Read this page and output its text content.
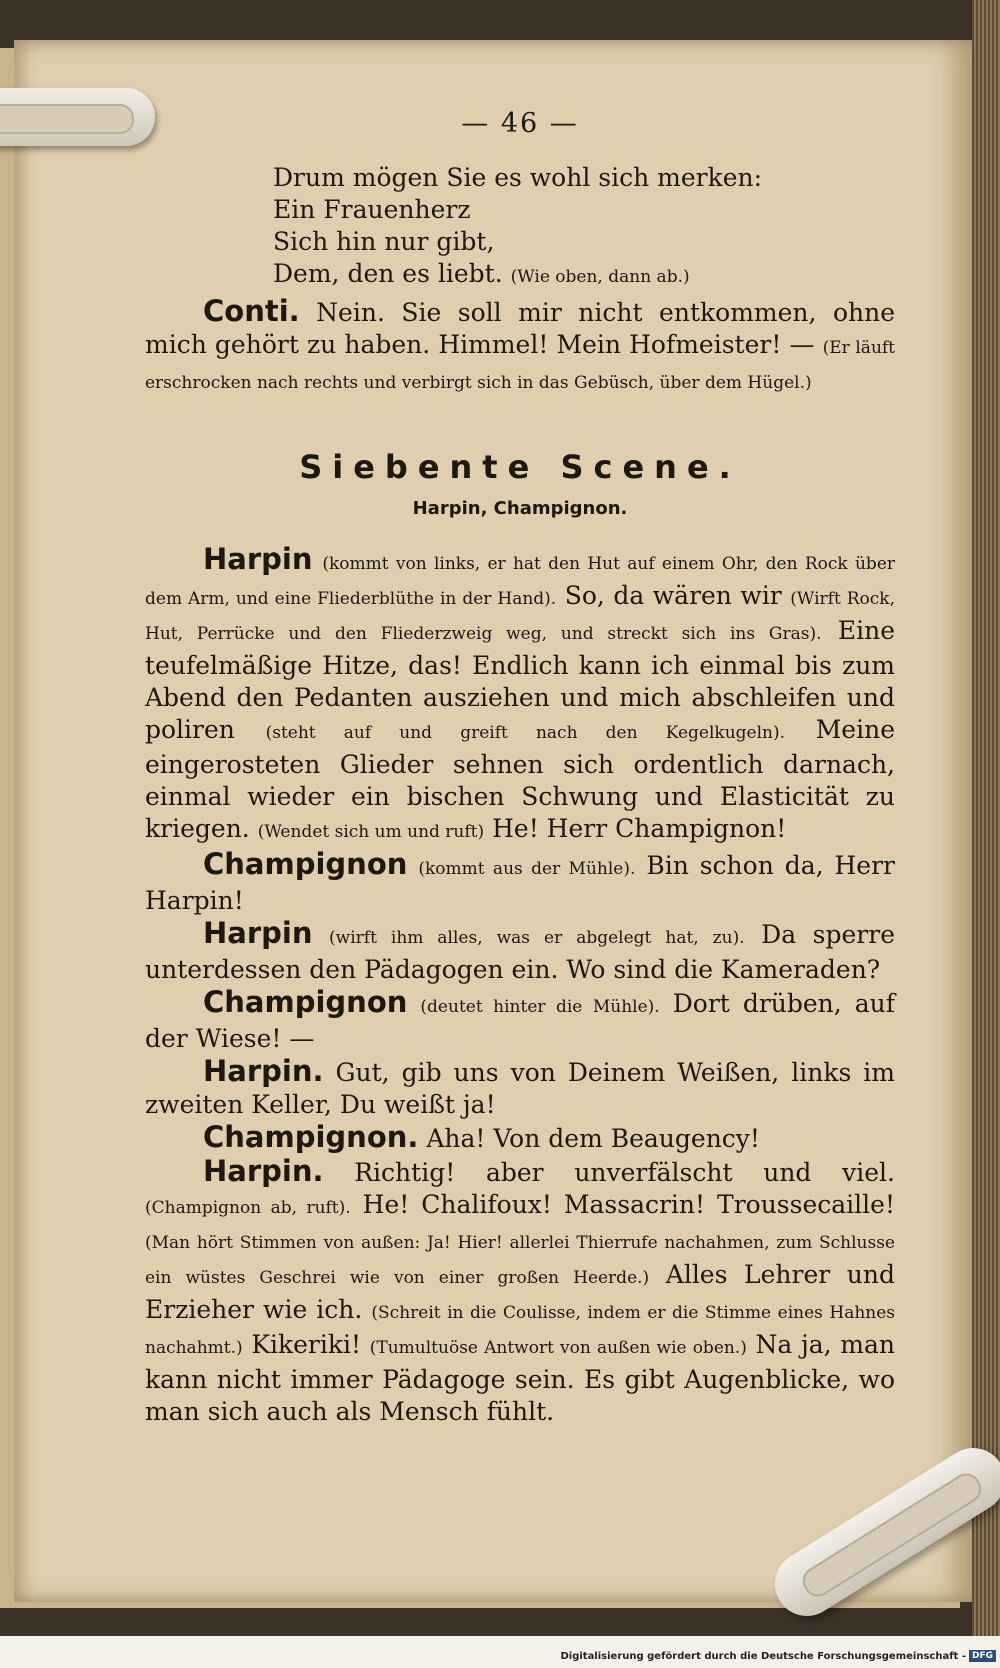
— 46 —
Drum mögen Sie es wohl sich merken:
Ein Frauenherz
Sich hin nur gibt,
Dem, den es liebt. (Wie oben, dann ab.)

Conti. Nein. Sie soll mir nicht entkommen, ohne mich gehört zu haben. Himmel! Mein Hofmeister! — (Er läuft erschrocken nach rechts und verbirgt sich in das Gebüsch, über dem Hügel.)

Siebente Scene.
Harpin, Champignon.

Harpin (kommt von links, er hat den Hut auf einem Ohr, den Rock über dem Arm, und eine Fliederblüthe in der Hand). So, da wären wir (Wirft Rock, Hut, Perrücke und den Fliederzweig weg, und streckt sich ins Gras). Eine teufelmäßige Hitze, das! Endlich kann ich einmal bis zum Abend den Pedanten ausziehen und mich abschleifen und poliren (steht auf und greift nach den Kegelkugeln). Meine eingerosteten Glieder sehnen sich ordentlich darnach, einmal wieder ein bischen Schwung und Elasticität zu kriegen. (Wendet sich um und ruft) He! Herr Champignon!

Champignon (kommt aus der Mühle). Bin schon da, Herr Harpin!

Harpin (wirft ihm alles, was er abgelegt hat, zu). Da sperre unterdessen den Pädagogen ein. Wo sind die Kameraden?

Champignon (deutet hinter die Mühle). Dort drüben, auf der Wiese! —

Harpin. Gut, gib uns von Deinem Weißen, links im zweiten Keller, Du weißt ja!

Champignon. Aha! Von dem Beaugency!

Harpin. Richtig! aber unverfälscht und viel. (Champignon ab, ruft). He! Chalifoux! Massacrin! Troussecaille! (Man hört Stimmen von außen: Ja! Hier! allerlei Thierrufe nachahmen, zum Schlusse ein wüstes Geschrei wie von einer großen Heerde.) Alles Lehrer und Erzieher wie ich. (Schreit in die Coulisse, indem er die Stimme eines Hahnes nachahmt.) Kikeriki! (Tumultuöse Antwort von außen wie oben.) Na ja, man kann nicht immer Pädagoge sein. Es gibt Augenblicke, wo man sich auch als Mensch fühlt.

Digitalisierung gefördert durch die Deutsche Forschungsgemeinschaft - DFG
